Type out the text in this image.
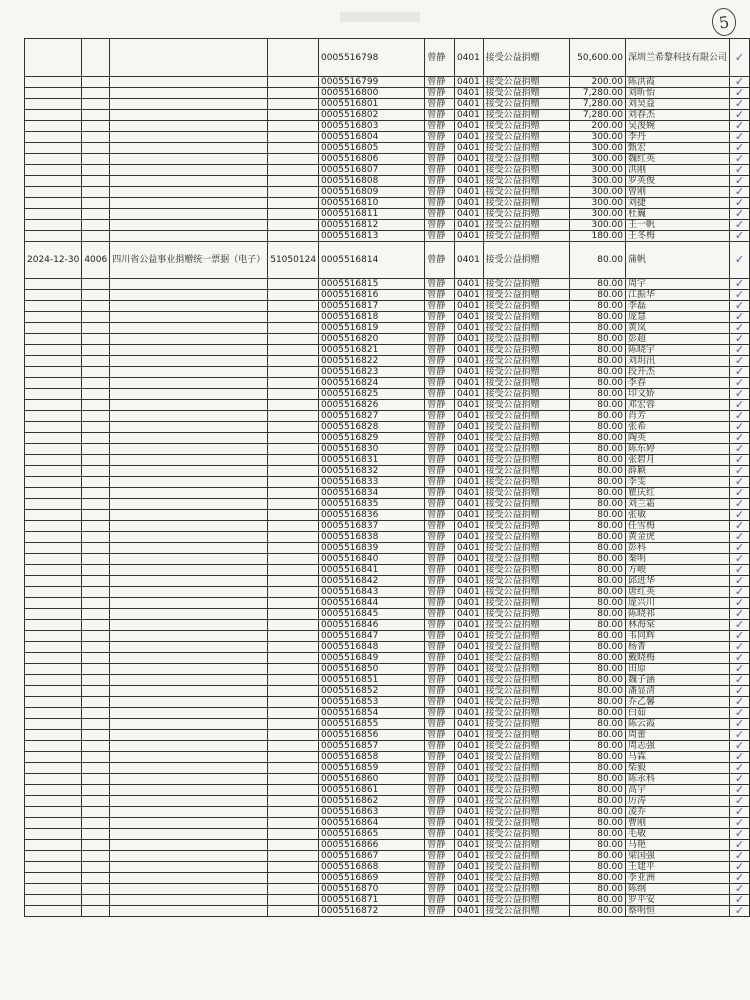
5
				0005516798	曾静	0401	接受公益捐赠	50,600.00	深圳兰希黎科技有限公司	✓
				0005516799	曾静	0401	接受公益捐赠	200.00	陈洪霞	✓
				0005516800	曾静	0401	接受公益捐赠	7,280.00	刘昕怡	✓
				0005516801	曾静	0401	接受公益捐赠	7,280.00	刘昊益	✓
				0005516802	曾静	0401	接受公益捐赠	7,280.00	刘春杰	✓
				0005516803	曾静	0401	接受公益捐赠	200.00	吴浚婉	✓
				0005516804	曾静	0401	接受公益捐赠	300.00	李丹	✓
				0005516805	曾静	0401	接受公益捐赠	300.00	甄宏	✓
				0005516806	曾静	0401	接受公益捐赠	300.00	魏红英	✓
				0005516807	曾静	0401	接受公益捐赠	300.00	洪刚	✓
				0005516808	曾静	0401	接受公益捐赠	300.00	罗英俊	✓
				0005516809	曾静	0401	接受公益捐赠	300.00	曾刚	✓
				0005516810	曾静	0401	接受公益捐赠	300.00	刘捷	✓
				0005516811	曾静	0401	接受公益捐赠	300.00	杜巍	✓
				0005516812	曾静	0401	接受公益捐赠	300.00	王一帆	✓
				0005516813	曾静	0401	接受公益捐赠	180.00	王冬梅	✓
2024-12-30	4006	四川省公益事业捐赠统一票据（电子）	51050124	0005516814	曾静	0401	接受公益捐赠	80.00	蒲帆	✓
				0005516815	曾静	0401	接受公益捐赠	80.00	周宇	✓
				0005516816	曾静	0401	接受公益捐赠	80.00	江振华	✓
				0005516817	曾静	0401	接受公益捐赠	80.00	李磊	✓
				0005516818	曾静	0401	接受公益捐赠	80.00	庞慧	✓
				0005516819	曾静	0401	接受公益捐赠	80.00	黄岚	✓
				0005516820	曾静	0401	接受公益捐赠	80.00	彭超	✓
				0005516821	曾静	0401	接受公益捐赠	80.00	陈晓宇	✓
				0005516822	曾静	0401	接受公益捐赠	80.00	刘玥汛	✓
				0005516823	曾静	0401	接受公益捐赠	80.00	段开杰	✓
				0005516824	曾静	0401	接受公益捐赠	80.00	李春	✓
				0005516825	曾静	0401	接受公益捐赠	80.00	印文娇	✓
				0005516826	曾静	0401	接受公益捐赠	80.00	邓宏蓉	✓
				0005516827	曾静	0401	接受公益捐赠	80.00	肖芳	✓
				0005516828	曾静	0401	接受公益捐赠	80.00	张希	✓
				0005516829	曾静	0401	接受公益捐赠	80.00	陶英	✓
				0005516830	曾静	0401	接受公益捐赠	80.00	陈东婷	✓
				0005516831	曾静	0401	接受公益捐赠	80.00	张碧月	✓
				0005516832	曾静	0401	接受公益捐赠	80.00	薛颖	✓
				0005516833	曾静	0401	接受公益捐赠	80.00	李雯	✓
				0005516834	曾静	0401	接受公益捐赠	80.00	瞿庆红	✓
				0005516835	曾静	0401	接受公益捐赠	80.00	刘兰霜	✓
				0005516836	曾静	0401	接受公益捐赠	80.00	张敏	✓
				0005516837	曾静	0401	接受公益捐赠	80.00	任雪梅	✓
				0005516838	曾静	0401	接受公益捐赠	80.00	黄金虎	✓
				0005516839	曾静	0401	接受公益捐赠	80.00	彭科	✓
				0005516840	曾静	0401	接受公益捐赠	80.00	秦明	✓
				0005516841	曾静	0401	接受公益捐赠	80.00	方峻	✓
				0005516842	曾静	0401	接受公益捐赠	80.00	邱进华	✓
				0005516843	曾静	0401	接受公益捐赠	80.00	唐红英	✓
				0005516844	曾静	0401	接受公益捐赠	80.00	庞兴川	✓
				0005516845	曾静	0401	接受公益捐赠	80.00	陈晓祁	✓
				0005516846	曾静	0401	接受公益捐赠	80.00	林海棠	✓
				0005516847	曾静	0401	接受公益捐赠	80.00	韦同辉	✓
				0005516848	曾静	0401	接受公益捐赠	80.00	杨菁	✓
				0005516849	曾静	0401	接受公益捐赠	80.00	戴晓梅	✓
				0005516850	曾静	0401	接受公益捐赠	80.00	田原	✓
				0005516851	曾静	0401	接受公益捐赠	80.00	魏子涵	✓
				0005516852	曾静	0401	接受公益捐赠	80.00	潘显清	✓
				0005516853	曾静	0401	接受公益捐赠	80.00	乔乙馨	✓
				0005516854	曾静	0401	接受公益捐赠	80.00	白茹	✓
				0005516855	曾静	0401	接受公益捐赠	80.00	陈云霞	✓
				0005516856	曾静	0401	接受公益捐赠	80.00	周蕾	✓
				0005516857	曾静	0401	接受公益捐赠	80.00	周志强	✓
				0005516858	曾静	0401	接受公益捐赠	80.00	马霖	✓
				0005516859	曾静	0401	接受公益捐赠	80.00	柴毅	✓
				0005516860	曾静	0401	接受公益捐赠	80.00	陈永科	✓
				0005516861	曾静	0401	接受公益捐赠	80.00	高宇	✓
				0005516862	曾静	0401	接受公益捐赠	80.00	厉涛	✓
				0005516863	曾静	0401	接受公益捐赠	80.00	凌乔	✓
				0005516864	曾静	0401	接受公益捐赠	80.00	曹刚	✓
				0005516865	曾静	0401	接受公益捐赠	80.00	毛敏	✓
				0005516866	曾静	0401	接受公益捐赠	80.00	马艳	✓
				0005516867	曾静	0401	接受公益捐赠	80.00	梁国强	✓
				0005516868	曾静	0401	接受公益捐赠	80.00	王建平	✓
				0005516869	曾静	0401	接受公益捐赠	80.00	李亚洲	✓
				0005516870	曾静	0401	接受公益捐赠	80.00	陈纲	✓
				0005516871	曾静	0401	接受公益捐赠	80.00	罗平安	✓
				0005516872	曾静	0401	接受公益捐赠	80.00	蔡明恒	✓
